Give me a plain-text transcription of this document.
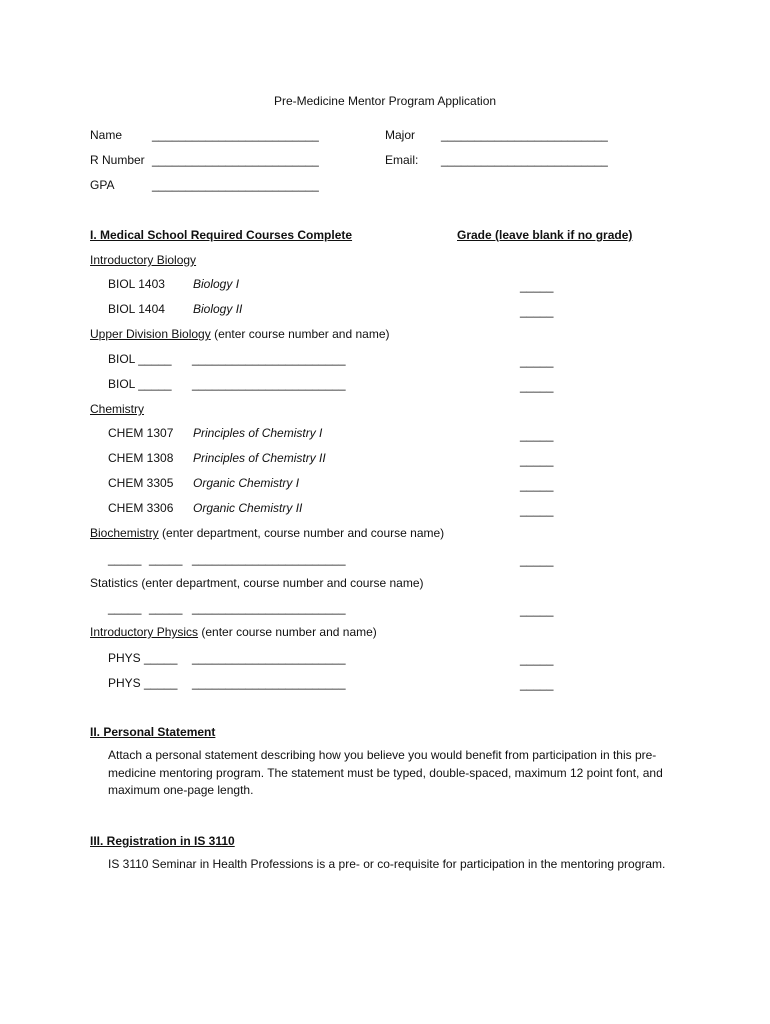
Pre-Medicine Mentor Program Application
Name _________________________	Major _________________________
R Number _________________________	Email: _________________________
GPA	_________________________
I. Medical School Required Courses Complete	Grade (leave blank if no grade)
Introductory Biology
BIOL 1403 Biology I	_____
BIOL 1404 Biology II	_____
Upper Division Biology (enter course number and name)
BIOL _____ _______________________	_____
BIOL _____ _______________________	_____
Chemistry
CHEM 1307 Principles of Chemistry I	_____
CHEM 1308 Principles of Chemistry II	_____
CHEM 3305 Organic Chemistry I	_____
CHEM 3306 Organic Chemistry II	_____
Biochemistry (enter department, course number and course name)
_____ _____ _______________________	_____
Statistics (enter department, course number and course name)
_____ _____ _______________________	_____
Introductory Physics (enter course number and name)
PHYS _____ _______________________	_____
PHYS _____ _______________________	_____
II. Personal Statement
Attach a personal statement describing how you believe you would benefit from participation in this pre-medicine mentoring program. The statement must be typed, double-spaced, maximum 12 point font, and maximum one-page length.
III. Registration in IS 3110
IS 3110 Seminar in Health Professions is a pre- or co-requisite for participation in the mentoring program.
